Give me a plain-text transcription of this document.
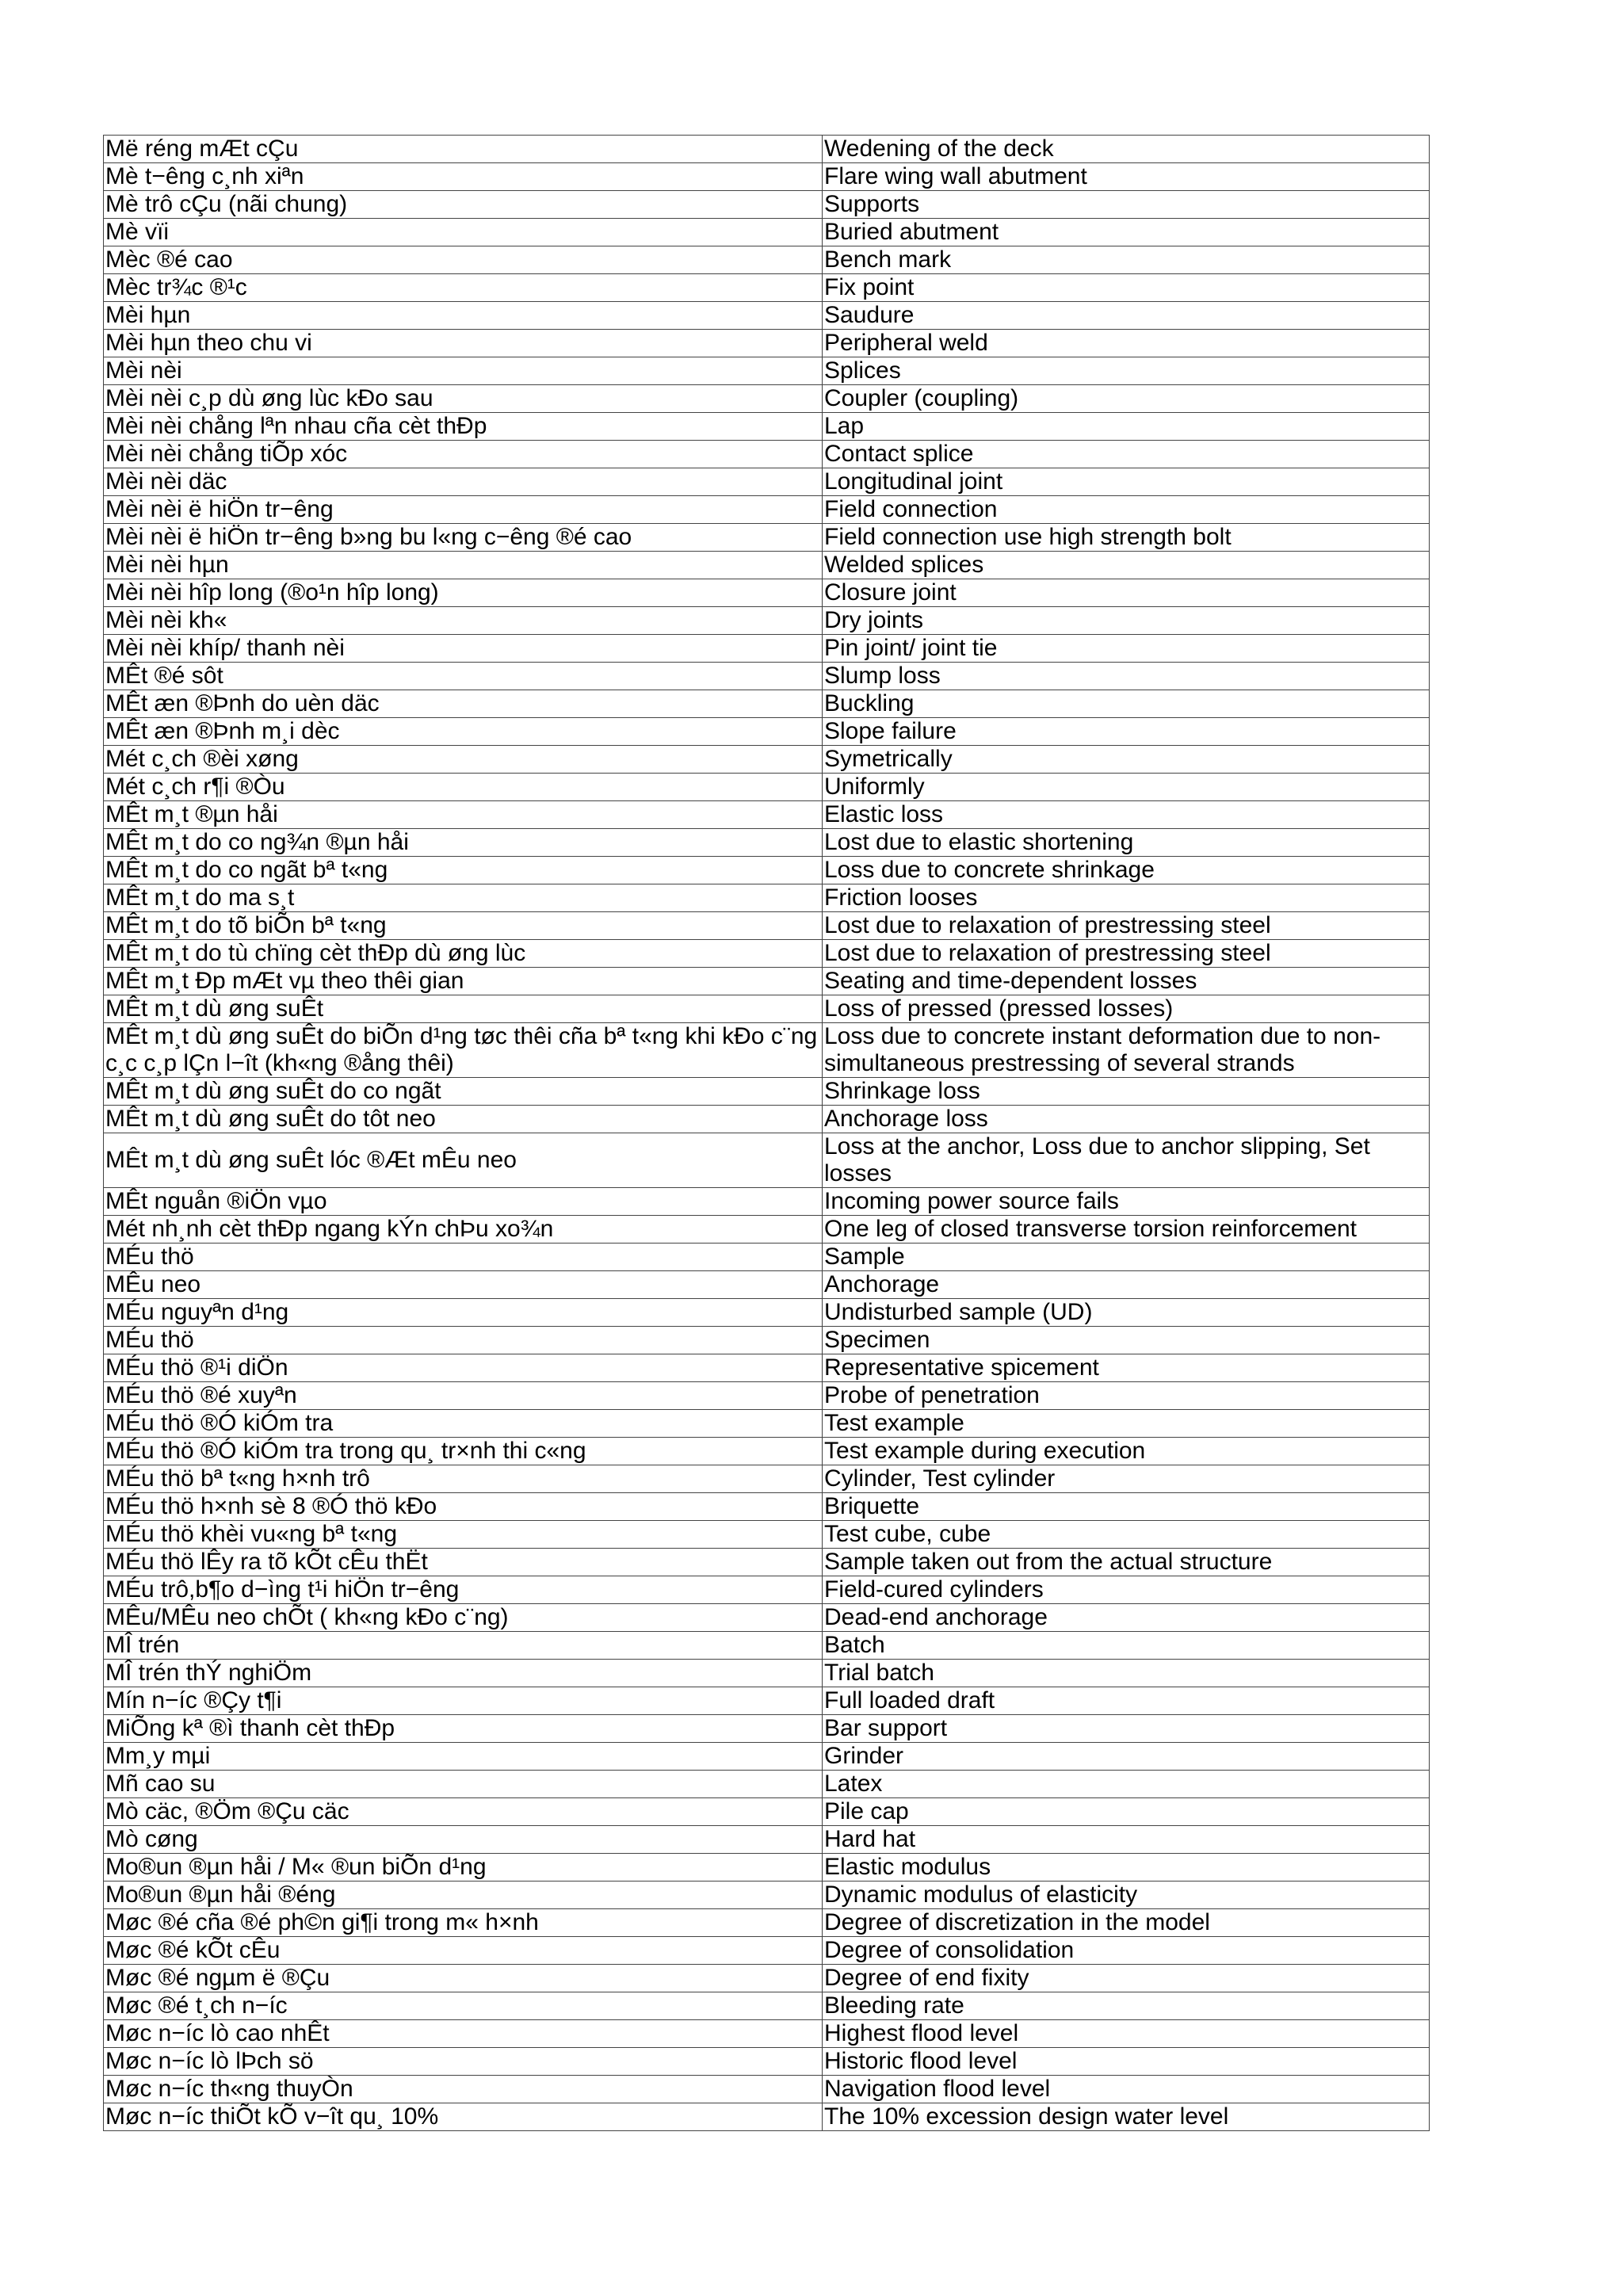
Më réng mÆt cÇu	Wedening of the deck
Mè t−êng c¸nh xiªn	Flare wing wall abutment
Mè trô cÇu (nãi chung)	Supports
Mè vïi	Buried abutment
Mèc ®é cao	Bench mark
Mèc tr¾c ®¹c	Fix point
Mèi hµn	Saudure
Mèi hµn theo chu vi	Peripheral weld
Mèi nèi	Splices
Mèi nèi c¸p dù øng lùc kÐo sau	Coupler (coupling)
Mèi nèi chång lªn nhau cña cèt thÐp	Lap
Mèi nèi chång tiÕp xóc	Contact splice
Mèi nèi däc	Longitudinal joint
Mèi nèi ë hiÖn tr−êng	Field connection
Mèi nèi ë hiÖn tr−êng b»ng bu l«ng c−êng ®é cao	Field connection use high strength bolt
Mèi nèi hµn	Welded splices
Mèi nèi hîp long (®o¹n hîp long)	Closure joint
Mèi nèi kh«	Dry joints
Mèi nèi khíp/ thanh nèi	Pin joint/ joint tie
MÊt ®é sôt	Slump loss
MÊt æn ®Þnh do uèn däc	Buckling
MÊt æn ®Þnh m¸i dèc	Slope failure
Mét c¸ch ®èi xøng	Symetrically
Mét c¸ch r¶i ®Òu	Uniformly
MÊt m¸t ®µn håi	Elastic loss
MÊt m¸t do co ng¾n ®µn håi	Lost due to elastic shortening
MÊt m¸t do co ngãt bª t«ng	Loss due to concrete shrinkage
MÊt m¸t do ma s¸t	Friction looses
MÊt m¸t do tõ biÕn bª t«ng	Lost due to relaxation of prestressing steel
MÊt m¸t do tù chïng cèt thÐp dù øng lùc	Lost due to relaxation of prestressing steel
MÊt m¸t Ðp mÆt vµ theo thêi gian	Seating and time-dependent losses
MÊt m¸t dù øng suÊt	Loss of pressed (pressed losses)
MÊt m¸t dù øng suÊt do biÕn d¹ng tøc thêi cña bª t«ng khi kÐo c¨ng c¸c c¸p lÇn l−ît (kh«ng ®ång thêi)	Loss due to concrete instant deformation due to non-simultaneous prestressing of several strands
MÊt m¸t dù øng suÊt do co ngãt	Shrinkage loss
MÊt m¸t dù øng suÊt do tôt neo	Anchorage loss
MÊt m¸t dù øng suÊt lóc ®Æt mÊu neo	Loss at the anchor, Loss due to anchor slipping, Set losses
MÊt nguån ®iÖn vµo	Incoming power source fails
Mét nh¸nh cèt thÐp ngang kÝn chÞu xo¾n	One leg of closed transverse torsion reinforcement
MÉu thö	Sample
MÊu neo	Anchorage
MÉu nguyªn d¹ng	Undisturbed sample (UD)
MÉu thö	Specimen
MÉu thö ®¹i diÖn	Representative spicement
MÉu thö ®é xuyªn	Probe of penetration
MÉu thö ®Ó kiÓm tra	Test example
MÉu thö ®Ó kiÓm tra trong qu¸ tr×nh thi c«ng	Test example during execution
MÉu thö bª t«ng h×nh trô	Cylinder, Test cylinder
MÉu thö h×nh sè 8 ®Ó thö kÐo	Briquette
MÉu thö khèi vu«ng bª t«ng	Test cube, cube
MÉu thö lÊy ra tõ kÕt cÊu thËt	Sample taken out from the actual structure
MÉu trô,b¶o d−ìng t¹i hiÖn tr−êng	Field-cured cylinders
MÊu/MÊu neo chÕt ( kh«ng kÐo c¨ng)	Dead-end anchorage
MÎ trén	Batch
MÎ trén thÝ nghiÖm	Trial batch
Mín n−íc ®Çy t¶i	Full loaded draft
MiÕng kª ®ì thanh cèt thÐp	Bar support
Mm¸y mµi	Grinder
Mñ cao su	Latex
Mò cäc, ®Öm ®Çu cäc	Pile cap
Mò cøng	Hard hat
Mo®un ®µn håi / M« ®un biÕn d¹ng	Elastic modulus
Mo®un ®µn håi ®éng	Dynamic modulus of elasticity
Møc ®é cña ®é ph©n gi¶i trong m« h×nh	Degree of discretization in the model
Møc ®é kÕt cÊu	Degree of consolidation
Møc ®é ngµm ë ®Çu	Degree of end fixity
Møc ®é t¸ch n−íc	Bleeding rate
Møc n−íc lò cao nhÊt	Highest flood level
Møc n−íc lò lÞch sö	Historic flood level
Møc n−íc th«ng thuyÒn	Navigation flood level
Møc n−íc thiÕt kÕ v−ît qu¸ 10%	The 10% excession design water level
